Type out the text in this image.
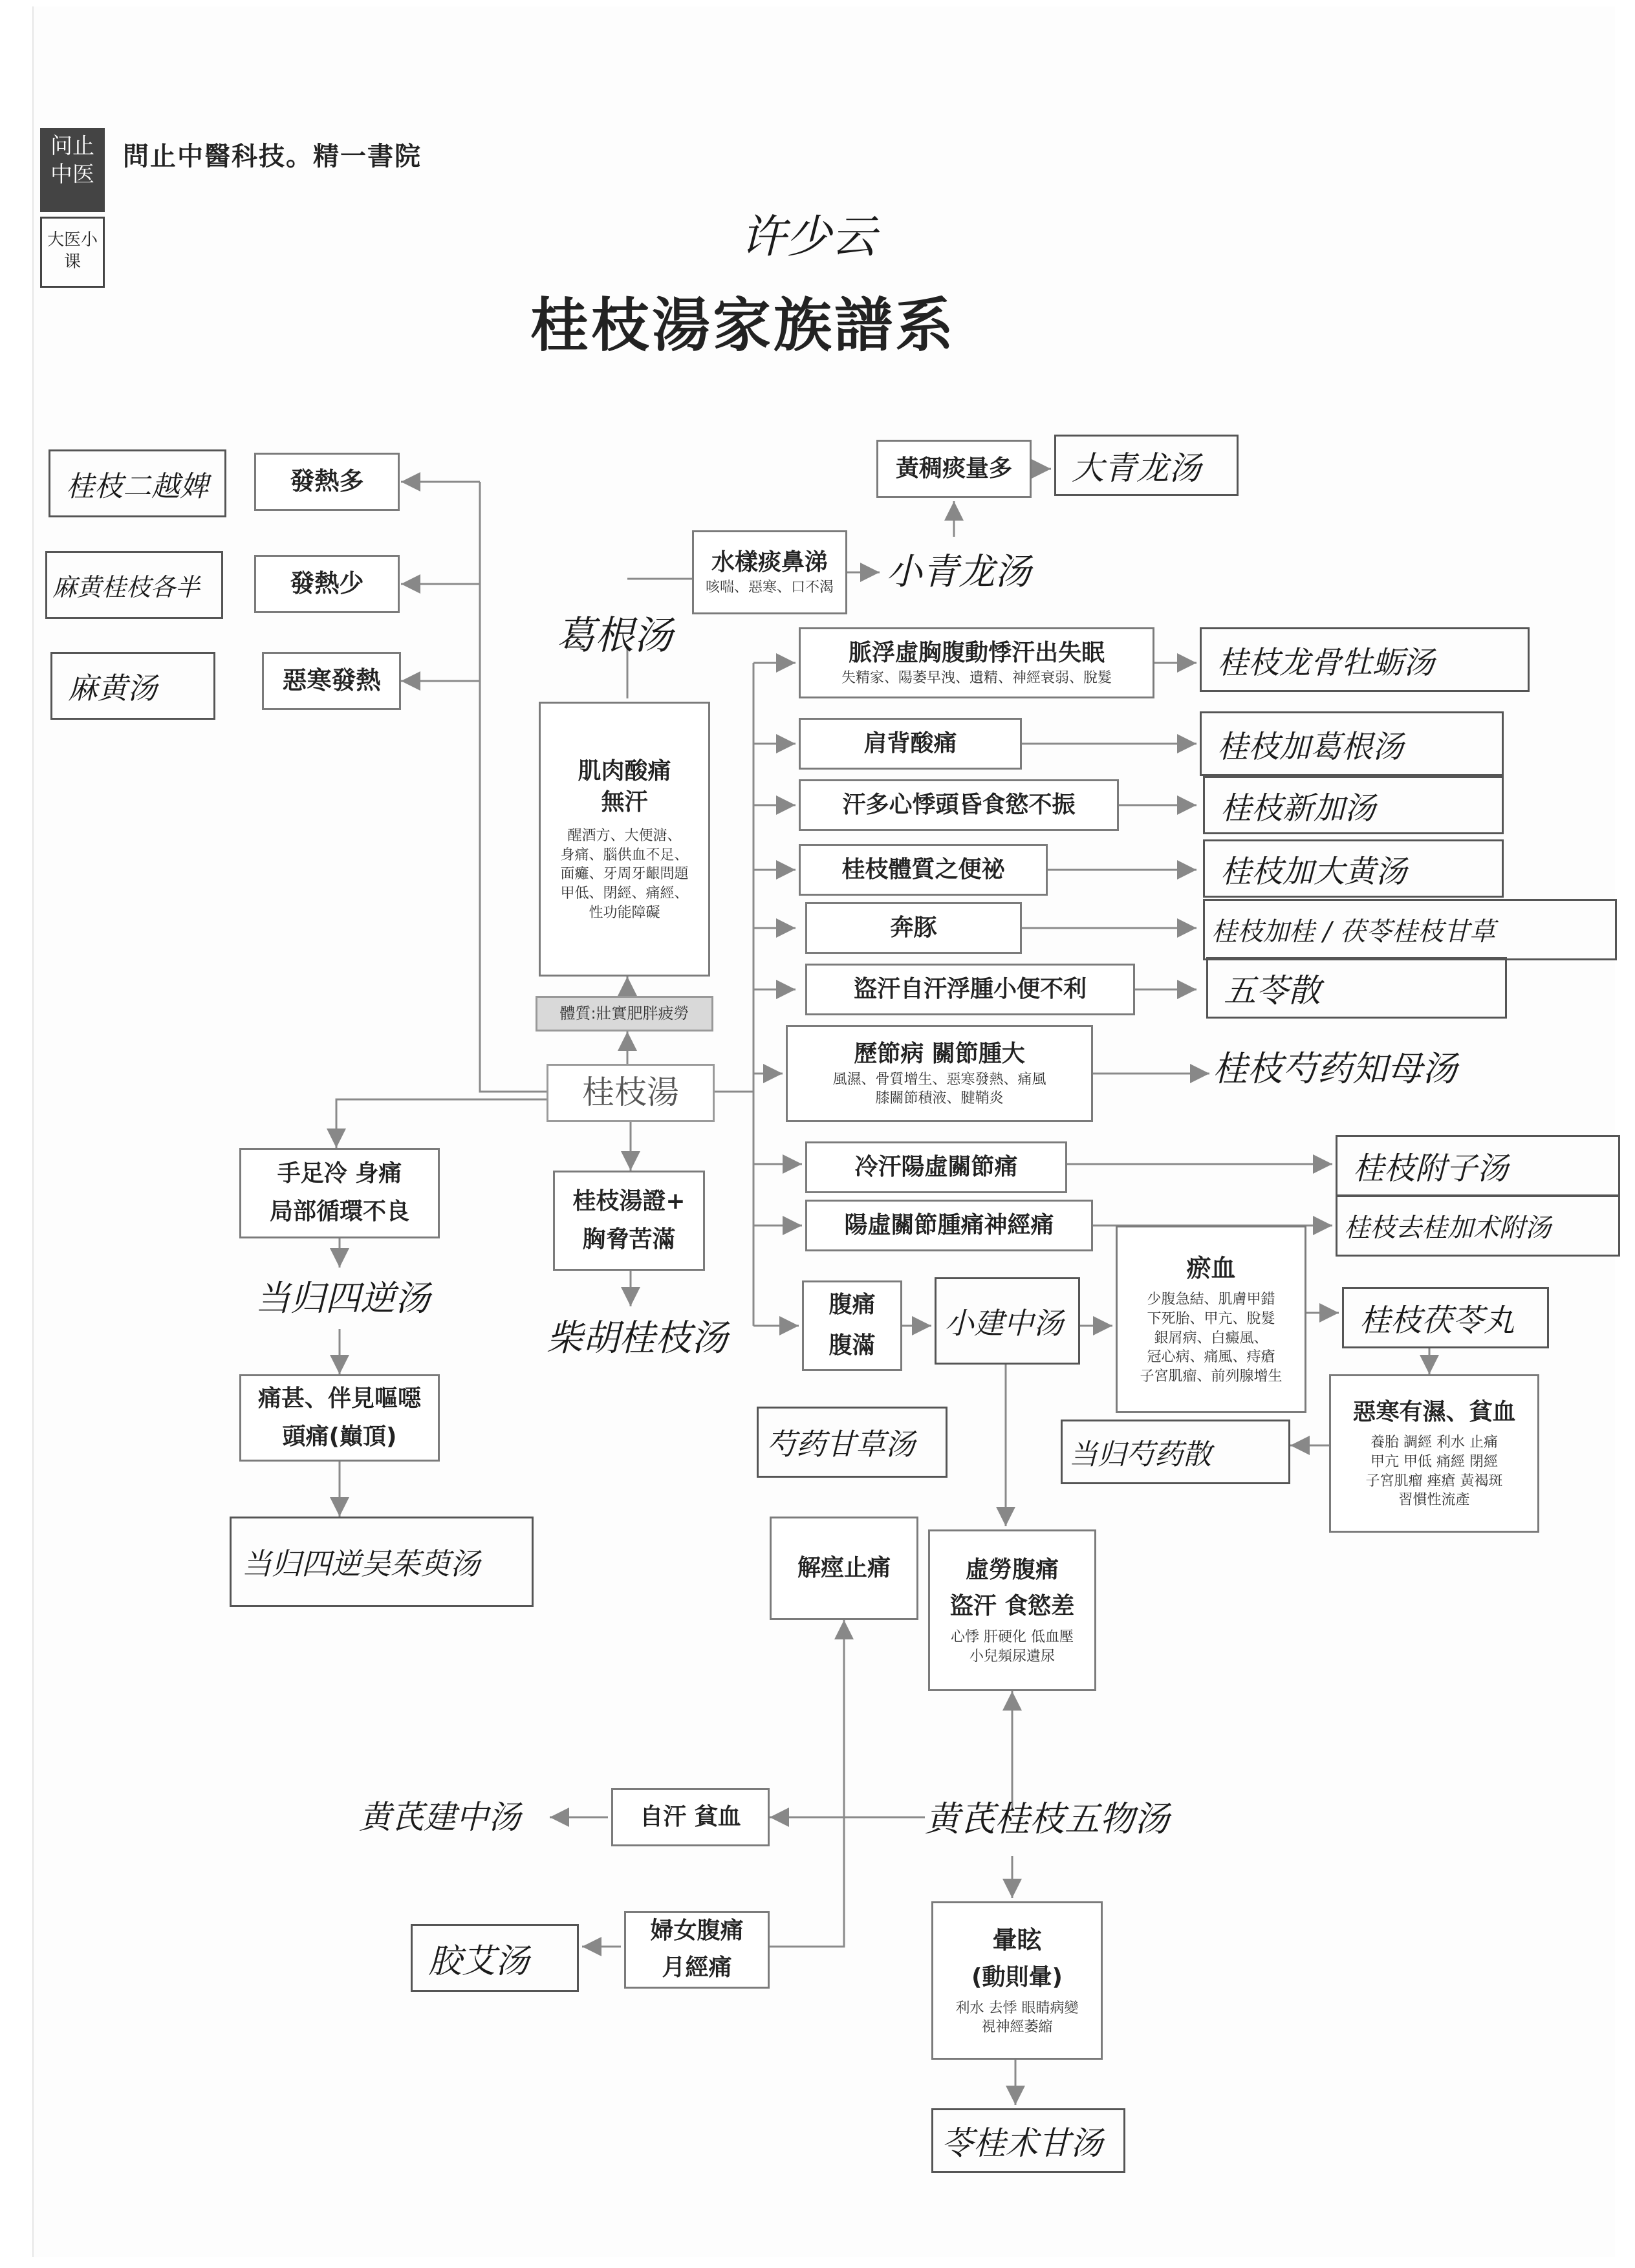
问止中医
大医小课
問止中醫科技。精一書院
许少云
桂枝湯家族譜系
發熱多
桂枝二越婢
發熱少
麻黄桂枝各半
惡寒發熱
麻黄汤
葛根汤
肌肉酸痛
無汗
醒酒方、大便溏、
身痛、腦供血不足、
面癱、牙周牙齦問題
甲低、閉經、痛經、
性功能障礙
體質:壯實肥胖疲勞
桂枝湯
水樣痰鼻涕
咳喘、惡寒、口不渴 小青龙汤
黃稠痰量多 大青龙汤
脈浮虛胸腹動悸汗出失眠
失精家、陽萎早洩、遺精、神經衰弱、脫髮	桂枝龙骨牡蛎汤
肩背酸痛	桂枝加葛根汤
汗多心悸頭昏食慾不振	桂枝新加汤
桂枝體質之便祕	桂枝加大黄汤
奔豚	桂枝加桂 / 茯苓桂枝甘草
盜汗自汗浮腫小便不利	五苓散
歷節病 關節腫大
風濕、骨質增生、惡寒發熱、痛風
膝關節積液、腱鞘炎
桂枝芍药知母汤
冷汗陽虛關節痛	桂枝附子汤
陽虛關節腫痛神經痛	桂枝去桂加术附汤
腹痛
腹滿
小建中汤
瘀血
少腹急結、肌膚甲錯
下死胎、甲亢、脫髮
銀屑病、白癜風、
冠心病、痛風、痔瘡
子宮肌瘤、前列腺增生
桂枝茯苓丸
惡寒有濕、貧血
養胎 調經 利水 止痛
甲亢 甲低 痛經 閉經
子宮肌瘤 痤瘡 黃褐斑
習慣性流產
当归芍药散
芍药甘草汤
解痙止痛	虛勞腹痛
盜汗 食慾差
心悸 肝硬化 低血壓
小兒頻尿遺尿
黄芪桂枝五物汤
自汗 貧血
黄芪建中汤
婦女腹痛
月經痛
胶艾汤
暈眩
(動則暈)
利水 去悸 眼睛病變
視神經萎縮
苓桂术甘汤
手足冷 身痛
局部循環不良
当归四逆汤
痛甚、伴見嘔噁
頭痛(巔頂)
当归四逆吴茱萸汤
桂枝湯證+
胸脅苦滿
柴胡桂枝汤
